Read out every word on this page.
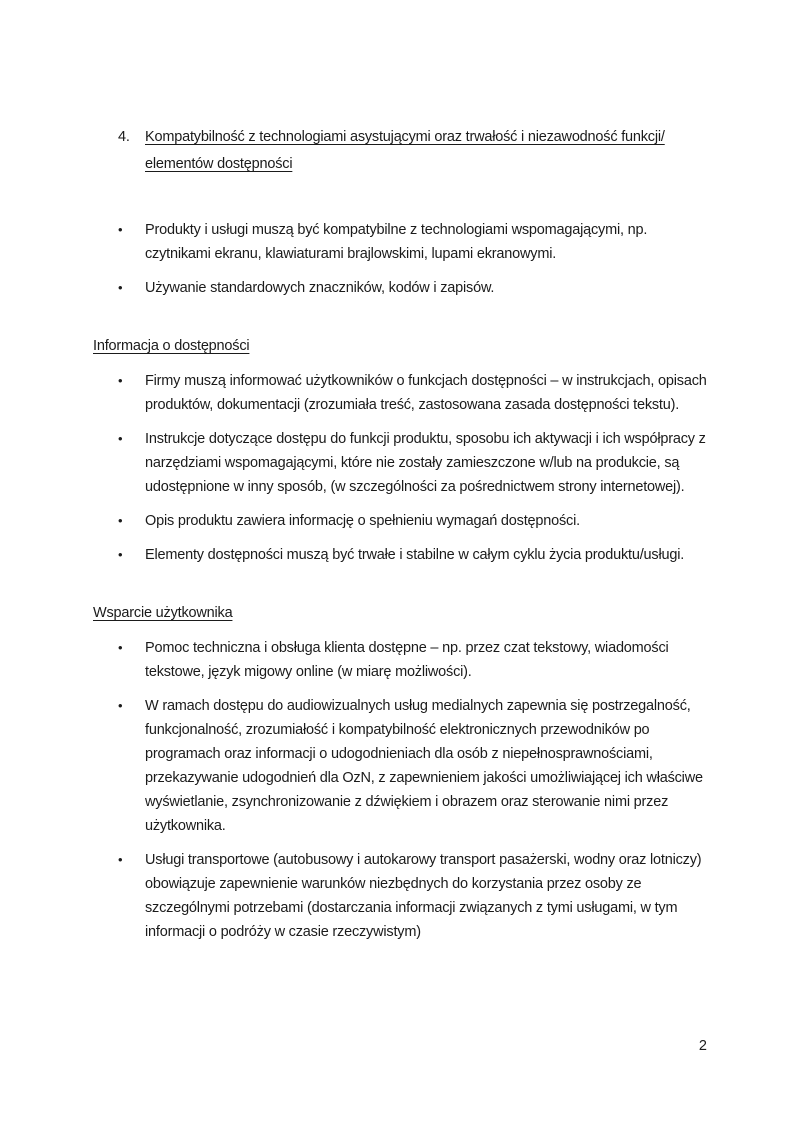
4.	Kompatybilność z technologiami asystującymi oraz trwałość i niezawodność funkcji/
elementów dostępności
•	Produkty i usługi muszą być kompatybilne z technologiami wspomagającymi, np. czytnikami ekranu, klawiaturami brajlowskimi, lupami ekranowymi.
•	Używanie standardowych znaczników, kodów i zapisów.
Informacja o dostępności
•	Firmy muszą informować użytkowników o funkcjach dostępności – w instrukcjach, opisach produktów, dokumentacji (zrozumiała treść, zastosowana zasada dostępności tekstu).
•	Instrukcje dotyczące dostępu do funkcji produktu, sposobu ich aktywacji i ich współpracy z narzędziami wspomagającymi, które nie zostały zamieszczone w/lub na produkcie, są udostępnione w inny sposób, (w szczególności za pośrednictwem strony internetowej).
•	Opis produktu zawiera informację o spełnieniu wymagań dostępności.
•	Elementy dostępności muszą być trwałe i stabilne w całym cyklu życia produktu/usługi.
Wsparcie użytkownika
•	Pomoc techniczna i obsługa klienta dostępne – np. przez czat tekstowy, wiadomości tekstowe, język migowy online (w miarę możliwości).
•	W ramach dostępu do audiowizualnych usług medialnych zapewnia się postrzegalność, funkcjonalność, zrozumiałość i kompatybilność elektronicznych przewodników po programach oraz informacji o udogodnieniach dla osób z niepełnosprawnościami, przekazywanie udogodnień dla OzN, z zapewnieniem jakości umożliwiającej ich właściwe wyświetlanie, zsynchronizowanie z dźwiękiem i obrazem oraz sterowanie nimi przez użytkownika.
•	Usługi transportowe (autobusowy i autokarowy transport pasażerski, wodny oraz lotniczy) obowiązuje zapewnienie warunków niezbędnych do korzystania przez osoby ze szczególnymi potrzebami (dostarczania informacji związanych z tymi usługami, w tym informacji o podróży w czasie rzeczywistym)
2
